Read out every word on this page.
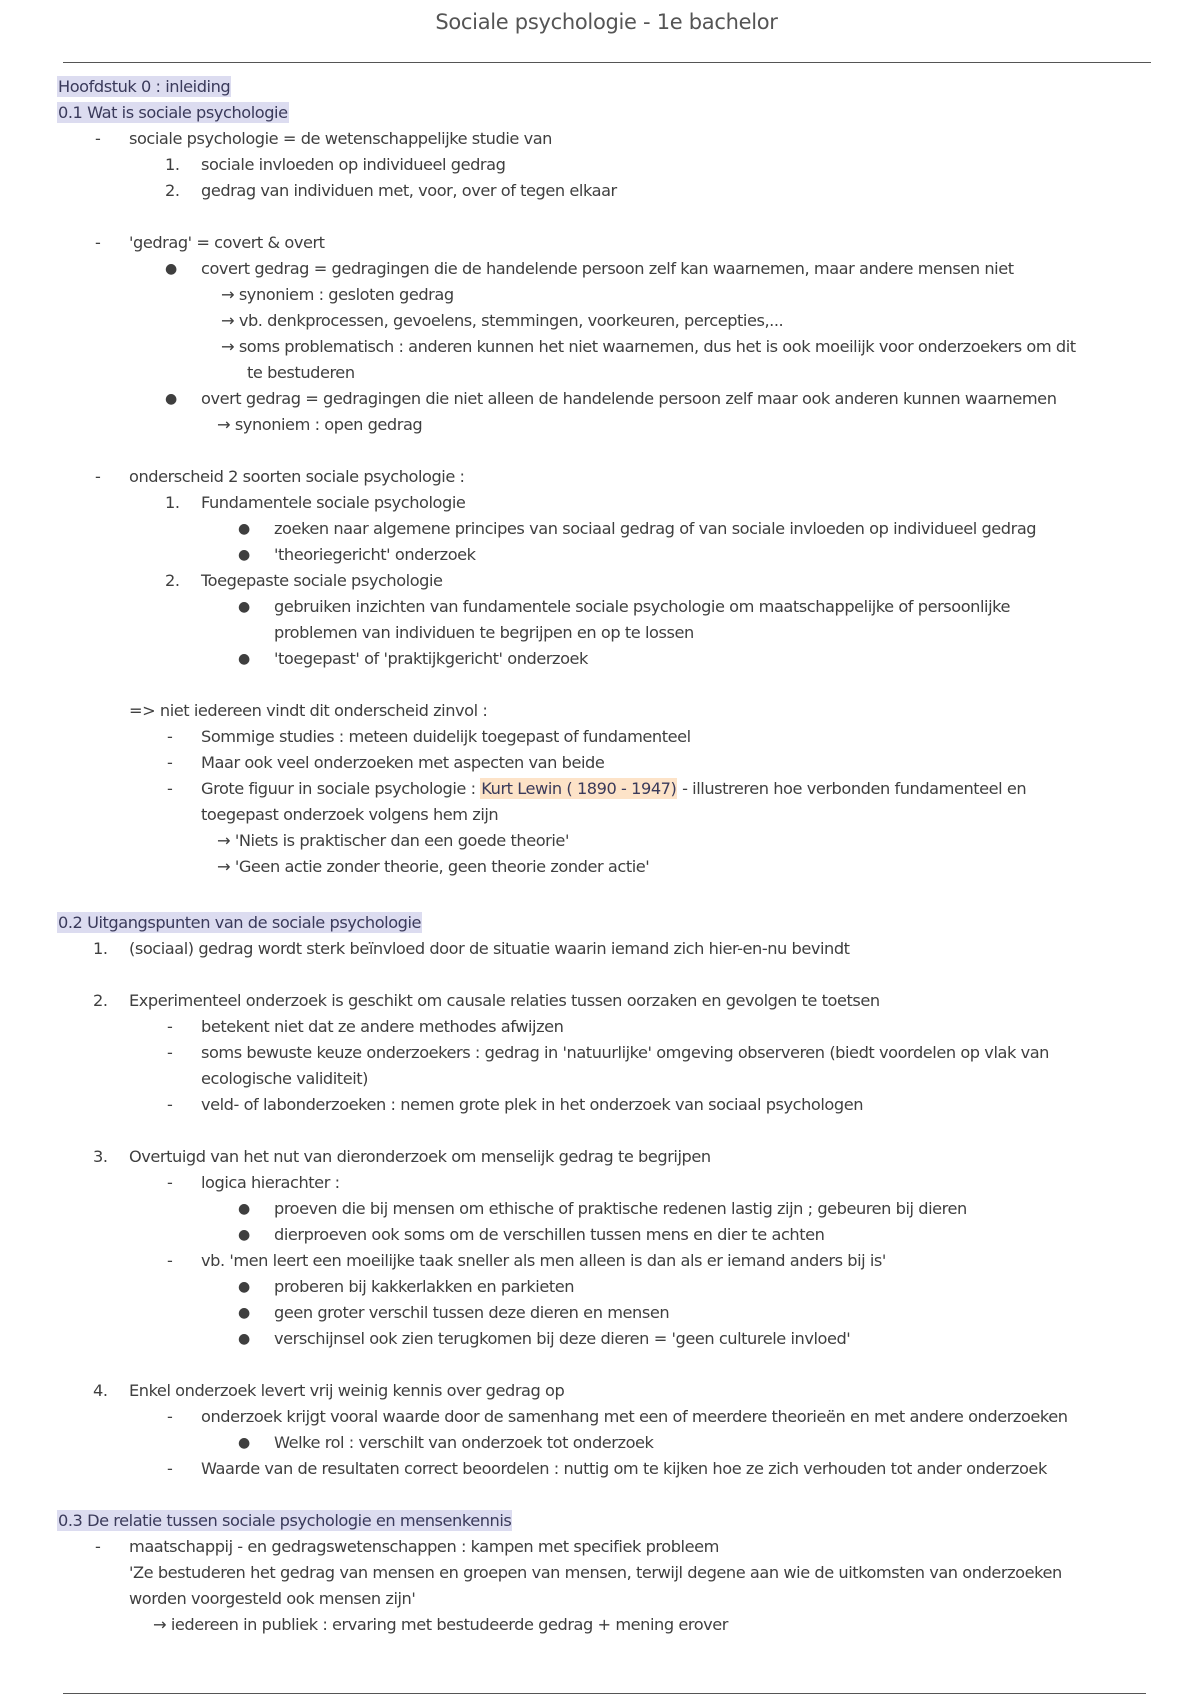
Sociale psychologie - 1e bachelor
Hoofdstuk 0 : inleiding
0.1 Wat is sociale psychologie
- sociale psychologie = de wetenschappelijke studie van
1. sociale invloeden op individueel gedrag
2. gedrag van individuen met, voor, over of tegen elkaar
- 'gedrag' = covert & overt
● covert gedrag = gedragingen die de handelende persoon zelf kan waarnemen, maar andere mensen niet
→ synoniem : gesloten gedrag
→ vb. denkprocessen, gevoelens, stemmingen, voorkeuren, percepties,...
→ soms problematisch : anderen kunnen het niet waarnemen, dus het is ook moeilijk voor onderzoekers om dit
te bestuderen
● overt gedrag = gedragingen die niet alleen de handelende persoon zelf maar ook anderen kunnen waarnemen
→ synoniem : open gedrag
- onderscheid 2 soorten sociale psychologie :
1. Fundamentele sociale psychologie
● zoeken naar algemene principes van sociaal gedrag of van sociale invloeden op individueel gedrag
● 'theoriegericht' onderzoek
2. Toegepaste sociale psychologie
● gebruiken inzichten van fundamentele sociale psychologie om maatschappelijke of persoonlijke
problemen van individuen te begrijpen en op te lossen
● 'toegepast' of 'praktijkgericht' onderzoek
=> niet iedereen vindt dit onderscheid zinvol :
- Sommige studies : meteen duidelijk toegepast of fundamenteel
- Maar ook veel onderzoeken met aspecten van beide
- Grote figuur in sociale psychologie : Kurt Lewin ( 1890 - 1947) - illustreren hoe verbonden fundamenteel en
toegepast onderzoek volgens hem zijn
→ 'Niets is praktischer dan een goede theorie'
→ 'Geen actie zonder theorie, geen theorie zonder actie'
0.2 Uitgangspunten van de sociale psychologie
1. (sociaal) gedrag wordt sterk beïnvloed door de situatie waarin iemand zich hier-en-nu bevindt
2. Experimenteel onderzoek is geschikt om causale relaties tussen oorzaken en gevolgen te toetsen
- betekent niet dat ze andere methodes afwijzen
- soms bewuste keuze onderzoekers : gedrag in 'natuurlijke' omgeving observeren (biedt voordelen op vlak van
ecologische validiteit)
- veld- of labonderzoeken : nemen grote plek in het onderzoek van sociaal psychologen
3. Overtuigd van het nut van dieronderzoek om menselijk gedrag te begrijpen
- logica hierachter :
● proeven die bij mensen om ethische of praktische redenen lastig zijn ; gebeuren bij dieren
● dierproeven ook soms om de verschillen tussen mens en dier te achten
- vb. 'men leert een moeilijke taak sneller als men alleen is dan als er iemand anders bij is'
● proberen bij kakkerlakken en parkieten
● geen groter verschil tussen deze dieren en mensen
● verschijnsel ook zien terugkomen bij deze dieren = 'geen culturele invloed'
4. Enkel onderzoek levert vrij weinig kennis over gedrag op
- onderzoek krijgt vooral waarde door de samenhang met een of meerdere theorieën en met andere onderzoeken
● Welke rol : verschilt van onderzoek tot onderzoek
- Waarde van de resultaten correct beoordelen : nuttig om te kijken hoe ze zich verhouden tot ander onderzoek
0.3 De relatie tussen sociale psychologie en mensenkennis
- maatschappij - en gedragswetenschappen : kampen met specifiek probleem
'Ze bestuderen het gedrag van mensen en groepen van mensen, terwijl degene aan wie de uitkomsten van onderzoeken
worden voorgesteld ook mensen zijn'
→ iedereen in publiek : ervaring met bestudeerde gedrag + mening erover
